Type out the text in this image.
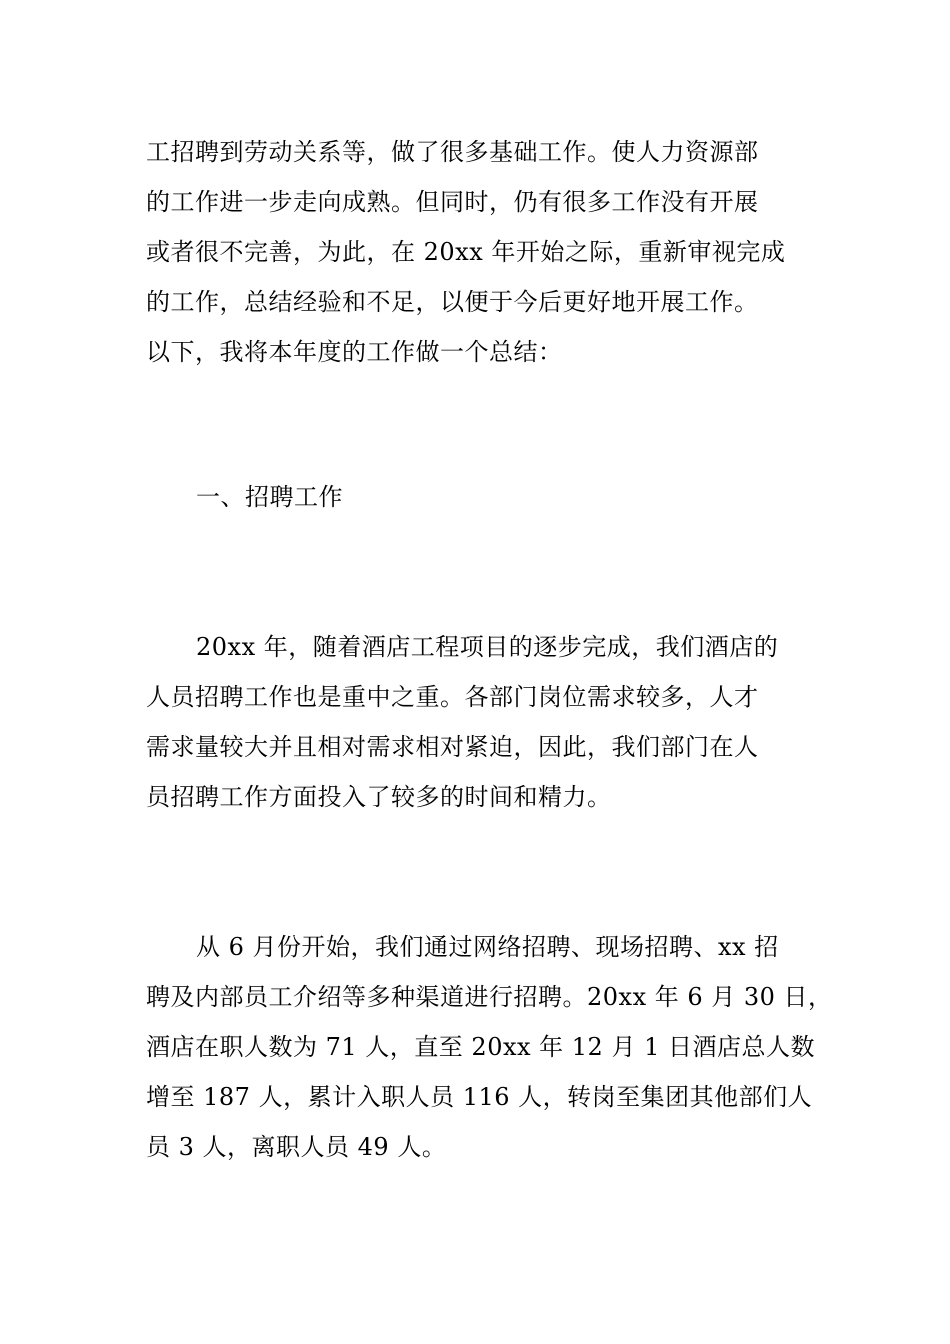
工招聘到劳动关系等，做了很多基础工作。使人力资源部
的工作进一步走向成熟。但同时，仍有很多工作没有开展
或者很不完善，为此，在 20xx 年开始之际，重新审视完成
的工作，总结经验和不足，以便于今后更好地开展工作。
以下，我将本年度的工作做一个总结：
一、招聘工作
20xx 年，随着酒店工程项目的逐步完成，我们酒店的
人员招聘工作也是重中之重。各部门岗位需求较多，人才
需求量较大并且相对需求相对紧迫，因此，我们部门在人
员招聘工作方面投入了较多的时间和精力。
从 6 月份开始，我们通过网络招聘、现场招聘、xx 招
聘及内部员工介绍等多种渠道进行招聘。20xx 年 6 月 30 日，
酒店在职人数为 71 人，直至 20xx 年 12 月 1 日酒店总人数
增至 187 人，累计入职人员 116 人，转岗至集团其他部们人
员 3 人，离职人员 49 人。
